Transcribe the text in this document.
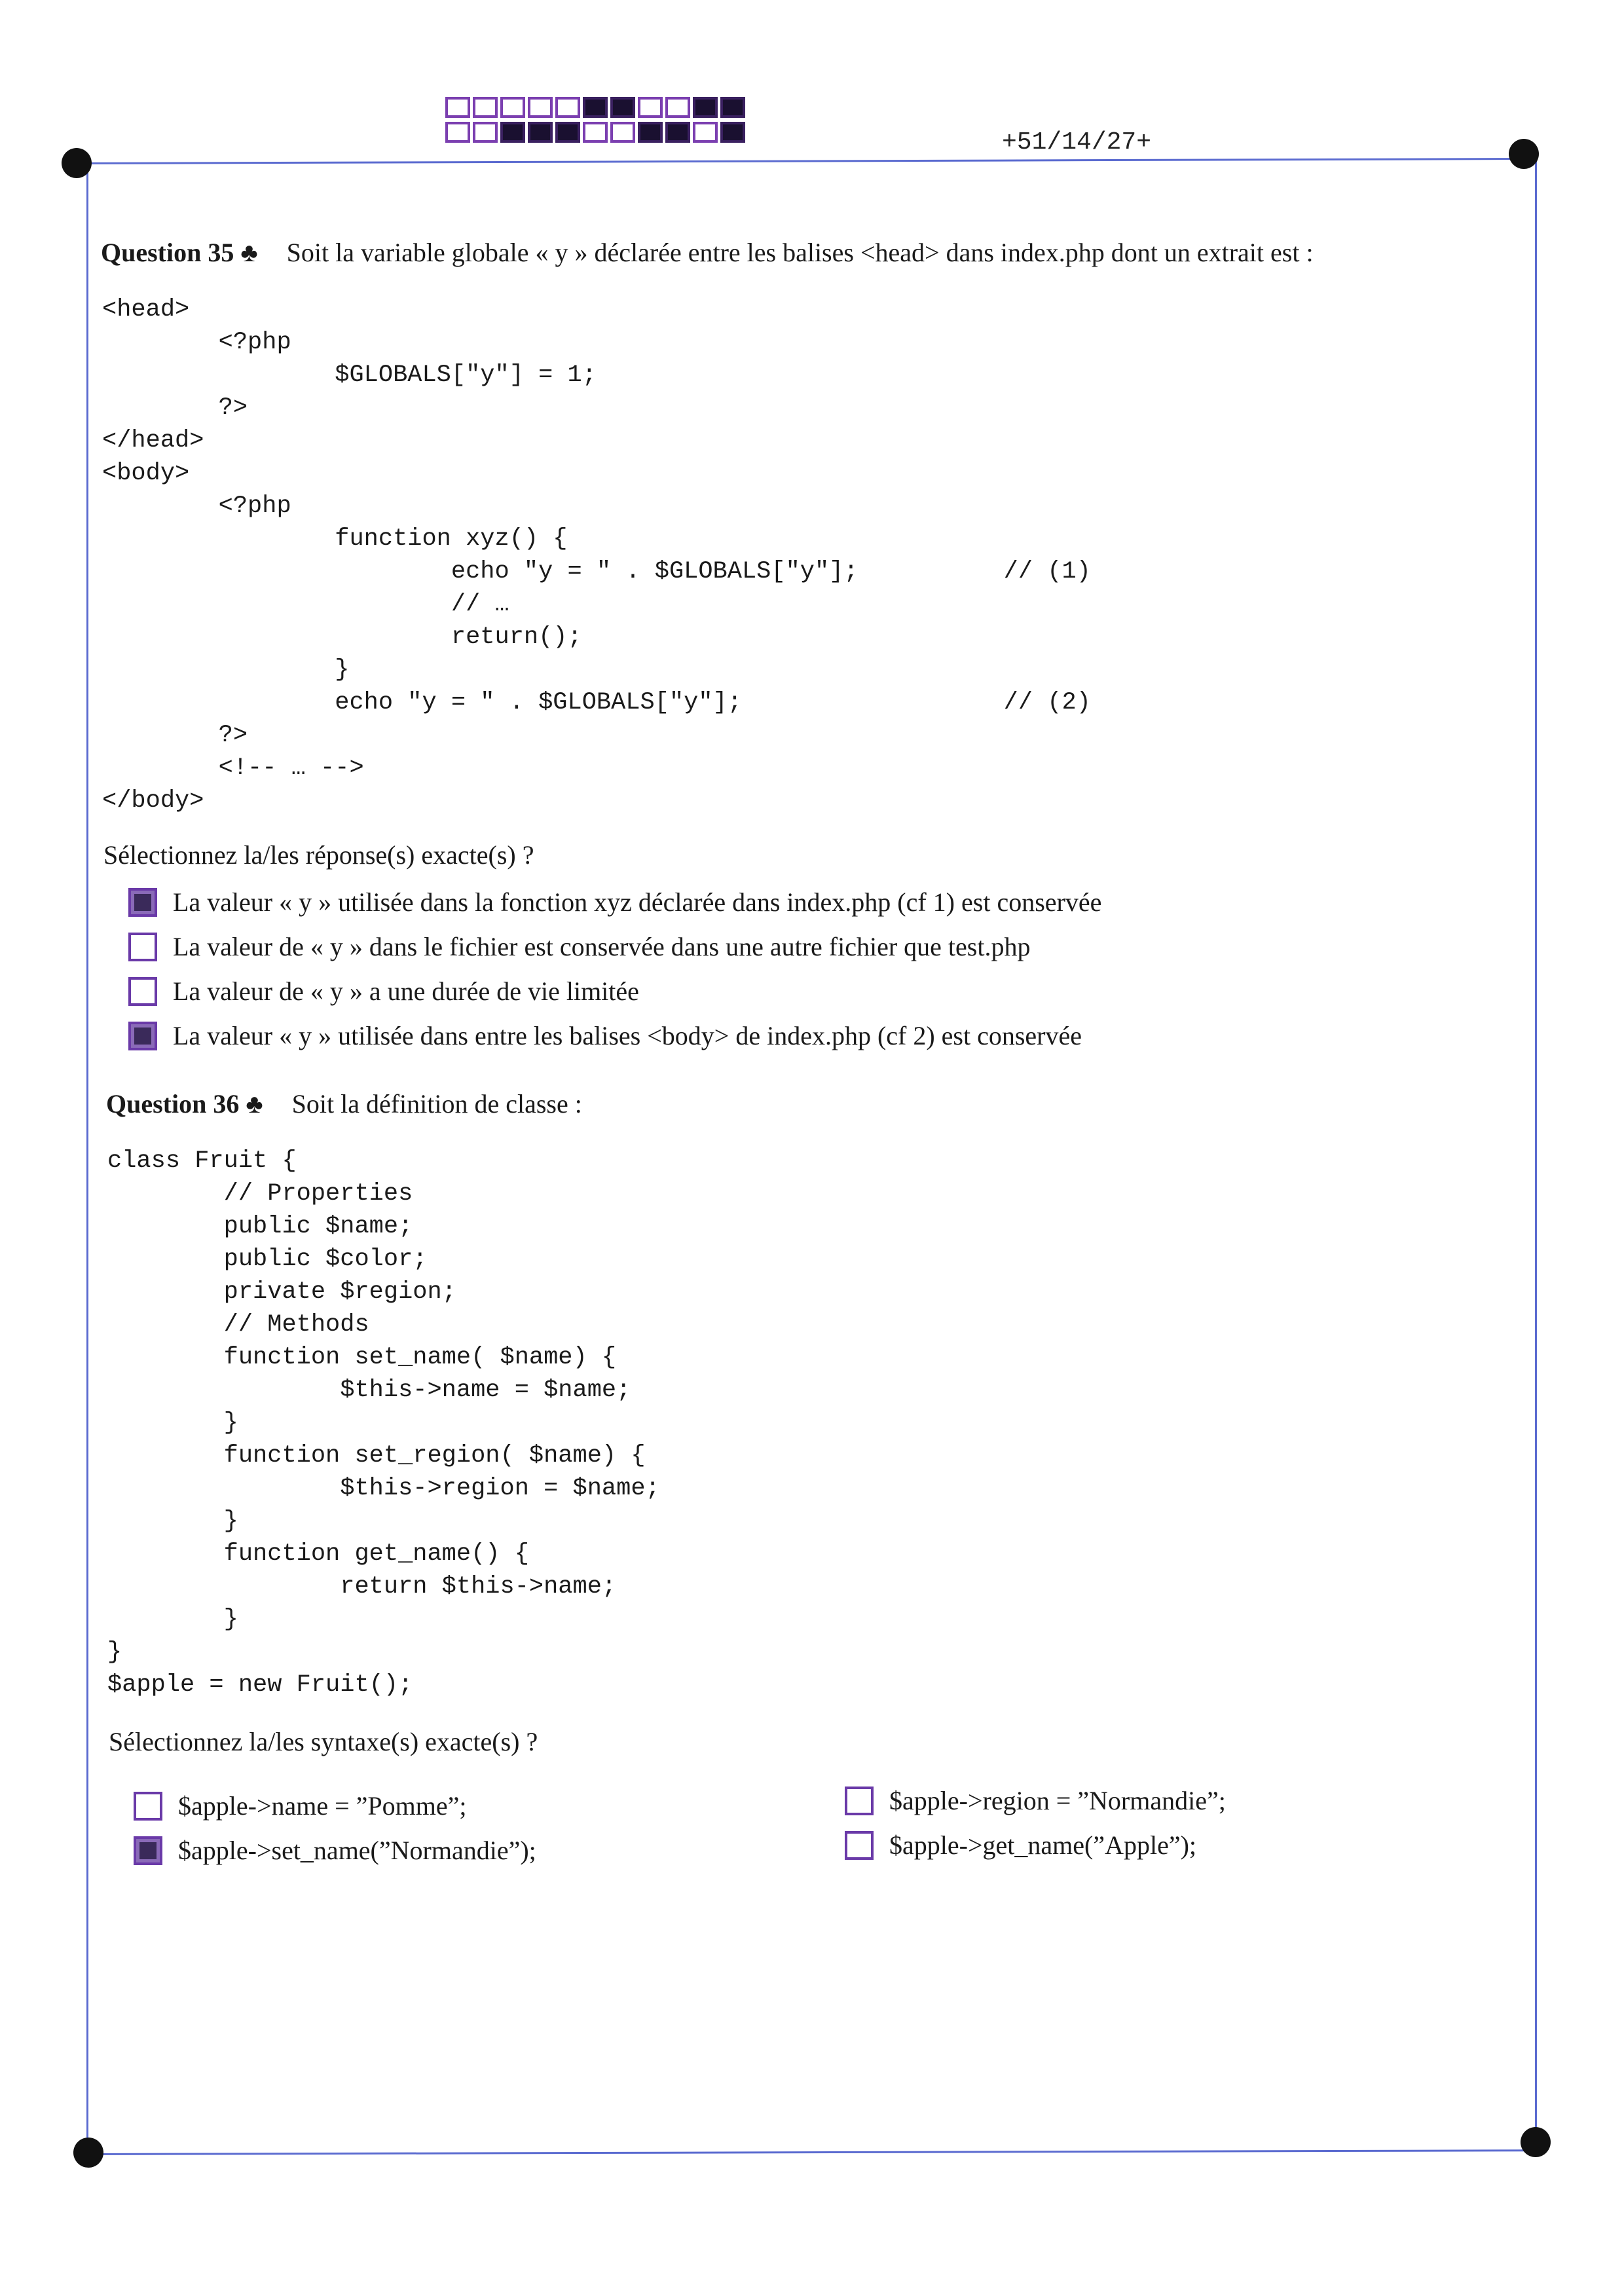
+51/14/27+
Question 35 ♣ Soit la variable globale « y » déclarée entre les balises <head> dans index.php dont un extrait est :
<head>
<?php
$GLOBALS["y"] = 1;
?>
</head>
<body>
<?php
function xyz() {
echo "y = " . $GLOBALS["y"];          // (1)
// …
return();
}
echo "y = " . $GLOBALS["y"];                  // (2)
?>
<!-- … -->
</body>
Sélectionnez la/les réponse(s) exacte(s) ?
La valeur « y » utilisée dans la fonction xyz déclarée dans index.php (cf 1) est conservée
La valeur de « y » dans le fichier est conservée dans une autre fichier que test.php
La valeur de « y » a une durée de vie limitée
La valeur « y » utilisée dans entre les balises <body> de index.php (cf 2) est conservée
Question 36 ♣ Soit la définition de classe :
class Fruit {
// Properties
public $name;
public $color;
private $region;
// Methods
function set_name( $name) {
$this->name = $name;
}
function set_region( $name) {
$this->region = $name;
}
function get_name() {
return $this->name;
}
}
$apple = new Fruit();
Sélectionnez la/les syntaxe(s) exacte(s) ?
$apple->name = ”Pomme”;
$apple->set_name(”Normandie”);
$apple->region = ”Normandie”;
$apple->get_name(”Apple”);
